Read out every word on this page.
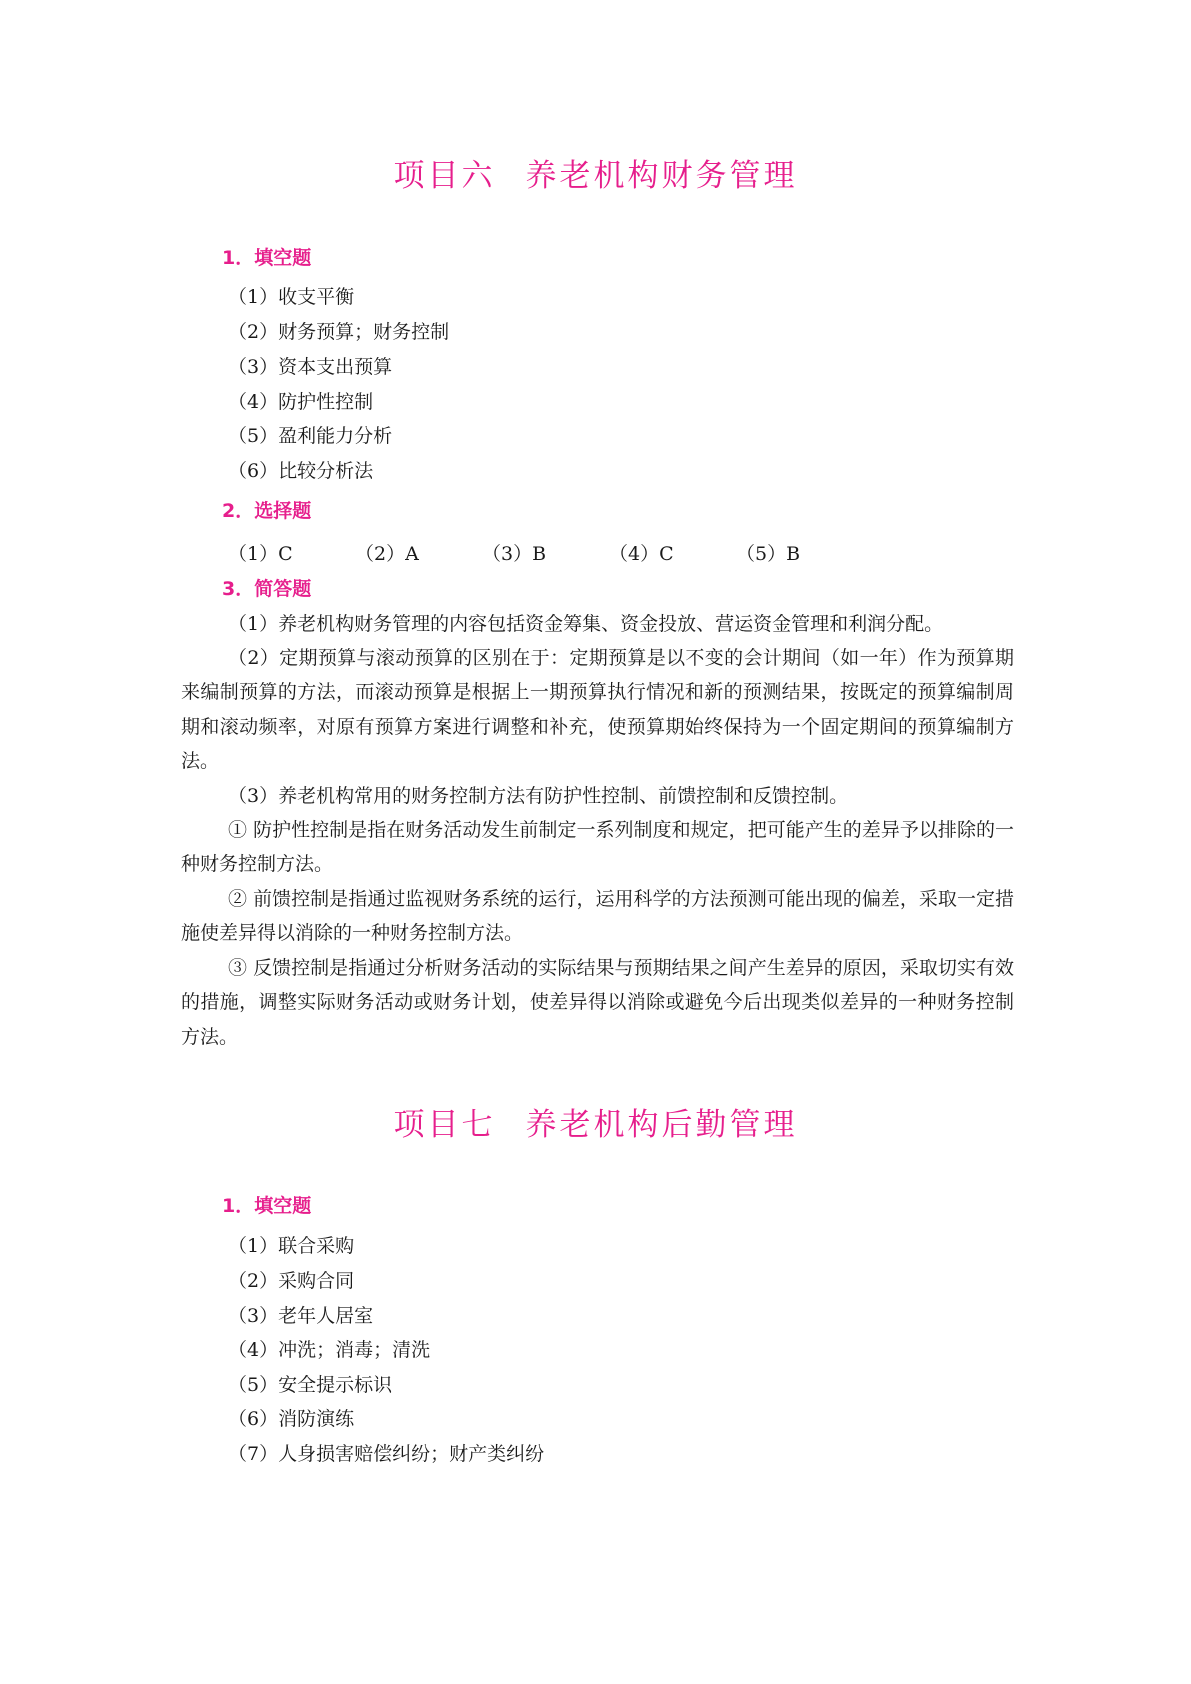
项目六 养老机构财务管理
1．填空题

（1）收支平衡

（2）财务预算；财务控制

（3）资本支出预算

（4）防护性控制

（5）盈利能力分析

（6）比较分析法

2．选择题
（1）C	（2）A	（3）B	（4）C	（5）B
3．简答题

（1）养老机构财务管理的内容包括资金筹集、资金投放、营运资金管理和利润分配。

（2）定期预算与滚动预算的区别在于：定期预算是以不变的会计期间（如一年）作为预算期来编制预算的方法，而滚动预算是根据上一期预算执行情况和新的预测结果，按既定的预算编制周期和滚动频率，对原有预算方案进行调整和补充，使预算期始终保持为一个固定期间的预算编制方法。

（3）养老机构常用的财务控制方法有防护性控制、前馈控制和反馈控制。

① 防护性控制是指在财务活动发生前制定一系列制度和规定，把可能产生的差异予以排除的一种财务控制方法。

② 前馈控制是指通过监视财务系统的运行，运用科学的方法预测可能出现的偏差，采取一定措施使差异得以消除的一种财务控制方法。

③ 反馈控制是指通过分析财务活动的实际结果与预期结果之间产生差异的原因，采取切实有效的措施，调整实际财务活动或财务计划，使差异得以消除或避免今后出现类似差异的一种财务控制方法。

项目七 养老机构后勤管理
1．填空题

（1）联合采购

（2）采购合同

（3）老年人居室

（4）冲洗；消毒；清洗

（5）安全提示标识

（6）消防演练

（7）人身损害赔偿纠纷；财产类纠纷
